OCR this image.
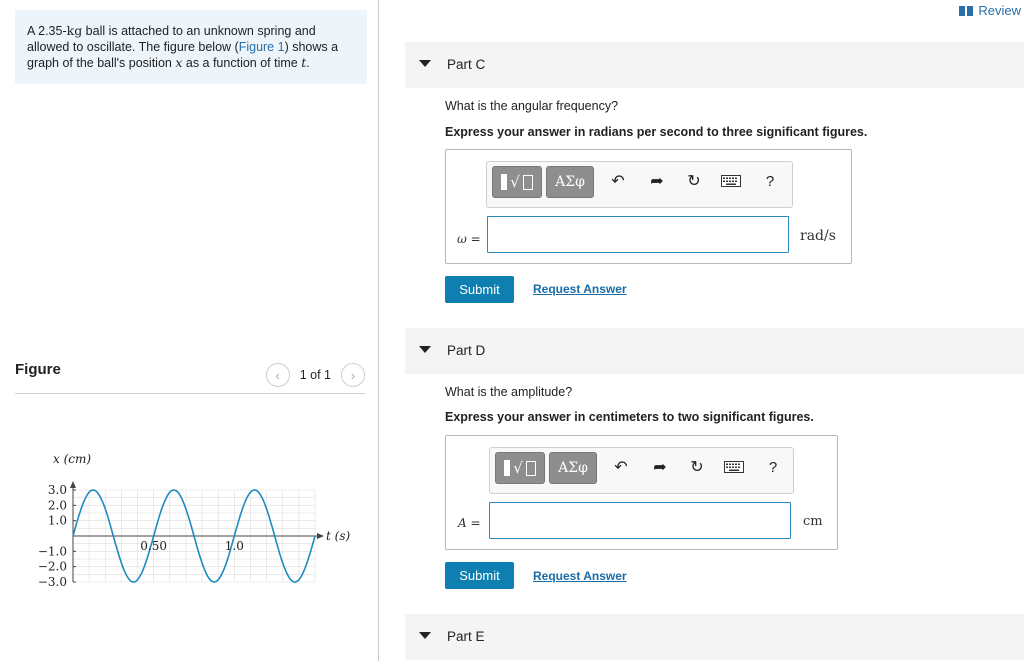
A 2.35-kg ball is attached to an unknown spring and allowed to oscillate. The figure below (Figure 1) shows a graph of the ball's position x as a function of time t.
Figure	‹	1 of 1	›
3.0
2.0
1.0
−1.0
−2.0
−3.0
0.50	1.0
x (cm)
t (s)
Review
Part C
What is the angular frequency?
Express your answer in radians per second to three significant figures.
√	ΑΣφ	↶ ➦ ↻	?
ω =	rad/s
Submit	Request Answer
Part D
What is the amplitude?
Express your answer in centimeters to two significant figures.
√	ΑΣφ	↶ ➦ ↻	?
A =	cm
Submit	Request Answer
Part E
